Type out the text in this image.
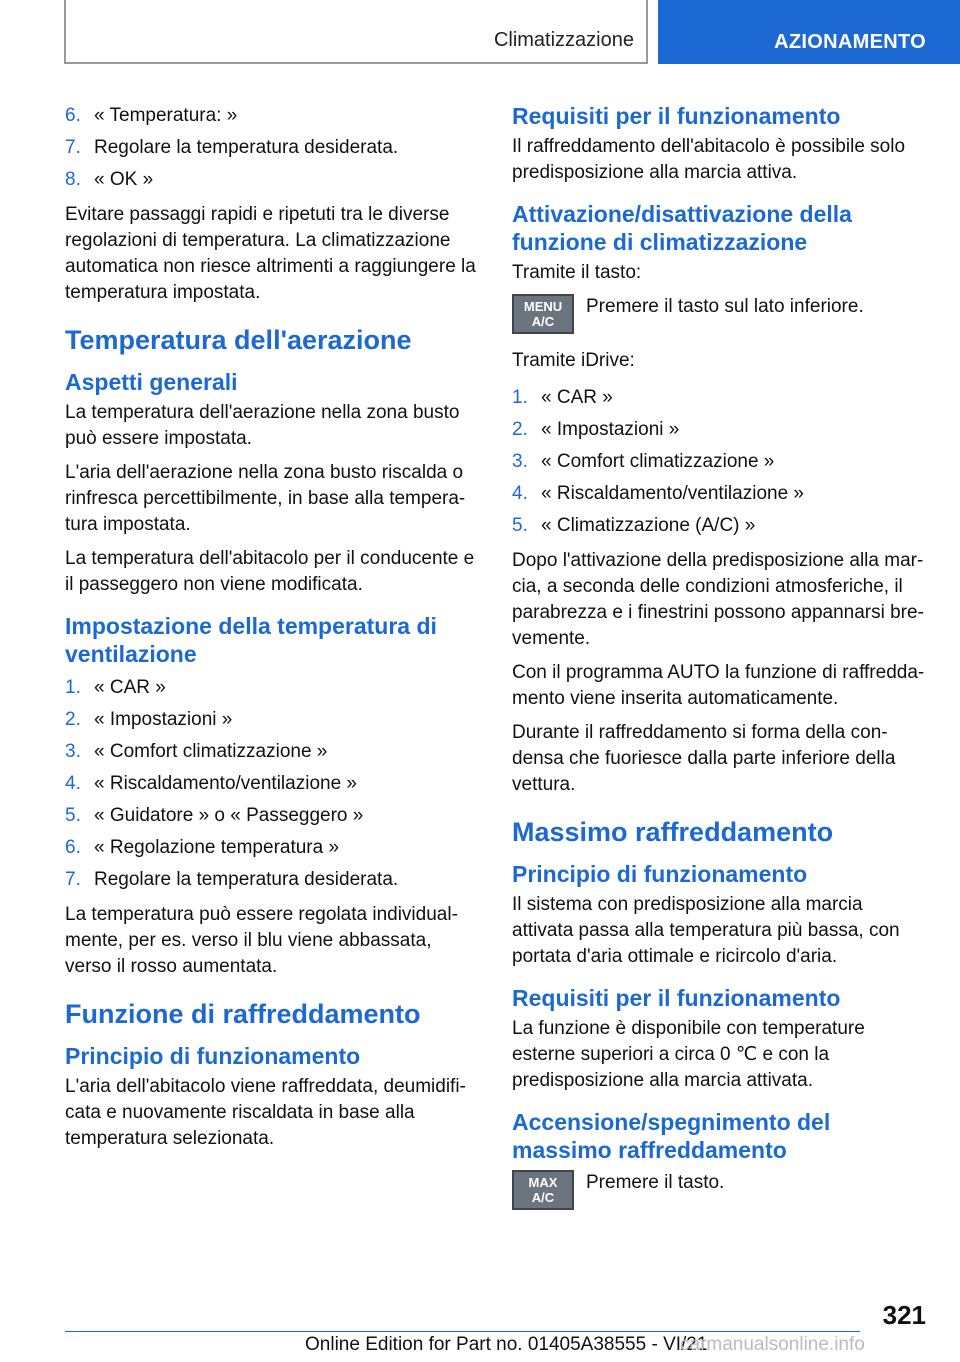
Climatizzazione	AZIONAMENTO
6. « Temperatura: »
7. Regolare la temperatura desiderata.
8. « OK »

Evitare passaggi rapidi e ripetuti tra le diverse regolazioni di temperatura. La climatizzazione automatica non riesce altrimenti a raggiungere la temperatura impostata.

Temperatura dell'aerazione
Aspetti generali

La temperatura dell'aerazione nella zona busto può essere impostata.

L'aria dell'aerazione nella zona busto riscalda o rinfresca percettibilmente, in base alla temperatura impostata.

La temperatura dell'abitacolo per il conducente e il passeggero non viene modificata.

Impostazione della temperatura di ventilazione
1. « CAR »
2. « Impostazioni »
3. « Comfort climatizzazione »
4. « Riscaldamento/ventilazione »
5. « Guidatore » o « Passeggero »
6. « Regolazione temperatura »
7. Regolare la temperatura desiderata.

La temperatura può essere regolata individualmente, per es. verso il blu viene abbassata, verso il rosso aumentata.

Funzione di raffreddamento
Principio di funzionamento

L'aria dell'abitacolo viene raffreddata, deumidificata e nuovamente riscaldata in base alla temperatura selezionata.

Requisiti per il funzionamento

Il raffreddamento dell'abitacolo è possibile solo predisposizione alla marcia attiva.

Attivazione/disattivazione della funzione di climatizzazione

Tramite il tasto:

MENU
A/C
Premere il tasto sul lato inferiore.

Tramite iDrive:

1. « CAR »
2. « Impostazioni »
3. « Comfort climatizzazione »
4. « Riscaldamento/ventilazione »
5. « Climatizzazione (A/C) »

Dopo l'attivazione della predisposizione alla marcia, a seconda delle condizioni atmosferiche, il parabrezza e i finestrini possono appannarsi brevemente.

Con il programma AUTO la funzione di raffreddamento viene inserita automaticamente.

Durante il raffreddamento si forma della condensa che fuoriesce dalla parte inferiore della vettura.

Massimo raffreddamento
Principio di funzionamento

Il sistema con predisposizione alla marcia attivata passa alla temperatura più bassa, con portata d'aria ottimale e ricircolo d'aria.

Requisiti per il funzionamento

La funzione è disponibile con temperature esterne superiori a circa 0 ℃ e con la predisposizione alla marcia attivata.

Accensione/spegnimento del massimo raffreddamento
MAX
A/C
Premere il tasto.
321
Online Edition for Part no. 01405A38555 - VI/21
carmanualsonline.info
